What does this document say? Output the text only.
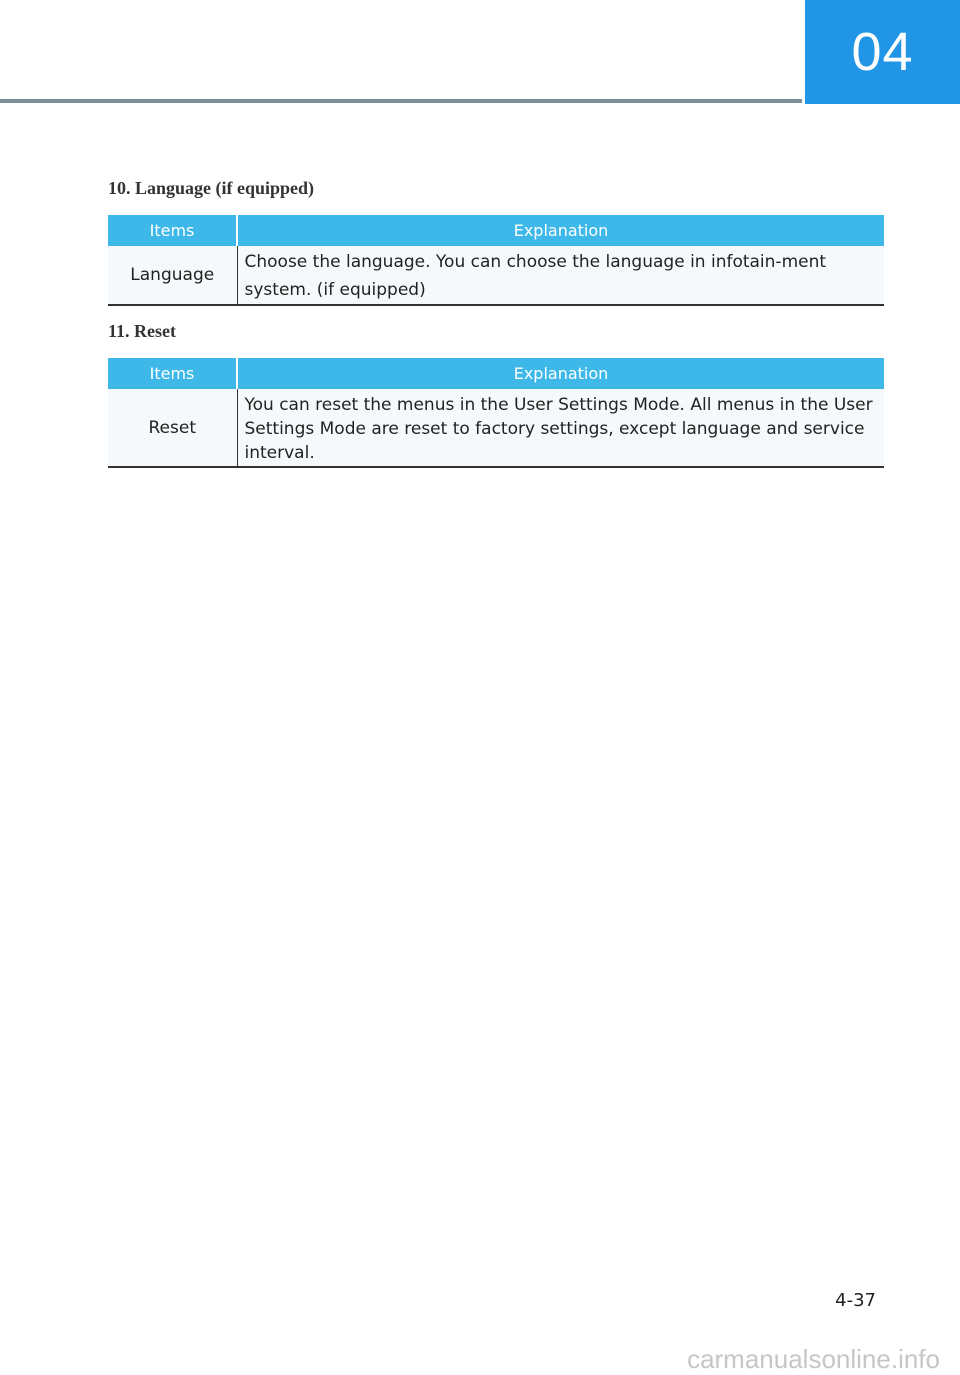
04
10. Language (if equipped)
Items	Explanation
Language	Choose the language. You can choose the language in infotain-ment system. (if equipped)
11. Reset
Items	Explanation
Reset	You can reset the menus in the User Settings Mode. All menus in the User Settings Mode are reset to factory settings, except language and service interval.
4-37
carmanualsonline.info
